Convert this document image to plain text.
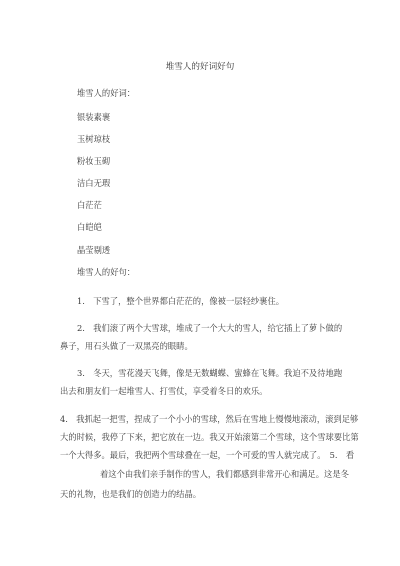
堆雪人的好词好句
堆雪人的好词：
银装素裹
玉树琼枝
粉妆玉砌
洁白无瑕
白茫茫
白皑皑
晶莹剔透
堆雪人的好句：
1.　下雪了，整个世界都白茫茫的，像被一层轻纱裹住。
2.　我们滚了两个大雪球，堆成了一个大大的雪人，给它插上了萝卜做的
鼻子，用石头做了一双黑亮的眼睛。
3.　冬天，雪花漫天飞舞，像是无数蝴蝶、蜜蜂在飞舞。我迫不及待地跑
出去和朋友们一起堆雪人、打雪仗，享受着冬日的欢乐。
4.　我抓起一把雪，捏成了一个小小的雪球，然后在雪地上慢慢地滚动，滚到足够
大的时候，我停了下来，把它放在一边。我又开始滚第二个雪球，这个雪球要比第
一个大得多。最后，我把两个雪球叠在一起，一个可爱的雪人就完成了。　5.　看
着这个由我们亲手制作的雪人，我们都感到非常开心和满足。这是冬
天的礼物，也是我们的创造力的结晶。
